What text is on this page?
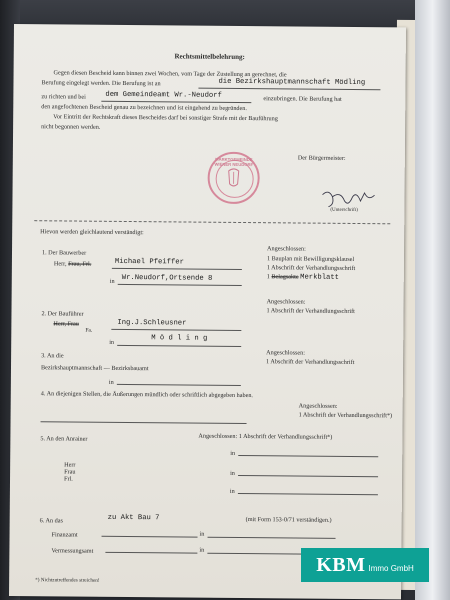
Rechtsmittelbelehrung:
Gegen diesen Bescheid kann binnen zwei Wochen, vom Tage der Zustellung an gerechnet, die
Berufung eingelegt werden. Die Berufung ist an	die Bezirkshauptmannschaft Mödling
zu richten und bei	dem Gemeindeamt Wr.-Neudorf	einzubringen. Die Berufung hat
den angefochtenen Bescheid genau zu bezeichnen und ist eingehend zu begründen.
Vor Eintritt der Rechtskraft dieses Bescheides darf bei sonstiger Strafe mit der Bauführung
nicht begonnen werden.
MARKTGEMEINDE WIENER NEUDORF
Der Bürgermeister:
(Unterschrift)
Hievon werden gleichlautend verständigt:
1. Der Bauwerber
Herr, Frau, Frl.	Michael Pfeiffer
in Wr.Neudorf,Ortsende 8
Angeschlossen:
1 Bauplan mit Bewilligungsklausel
1 Abschrift der Verhandlungsschrift
1 Belagsakte Merkblatt
Angeschlossen:
1 Abschrift der Verhandlungsschrift
2. Der Bauführer
Herr, Frau
Fa.
Ing.J.Schleusner
in	M ö d l i n g
Angeschlossen:
1 Abschrift der Verhandlungsschrift
3. An die
Bezirkshauptmannschaft — Bezirksbauamt
in
4. An diejenigen Stellen, die Äußerungen mündlich oder schriftlich abgegeben haben.
Angeschlossen:
1 Abschrift der Verhandlungsschrift*)
5. An den Anrainer	Angeschlossen: 1 Abschrift der Verhandlungsschrift*)
in
Herr
Frau
Frl.
in
in
6. An das	zu Akt Bau 7	(mit Form 153-0/71 verständigen.)
Finanzamt	in
Vermessungsamt	in
*) Nichtzutreffendes streichen!
KBM Immo GmbH
